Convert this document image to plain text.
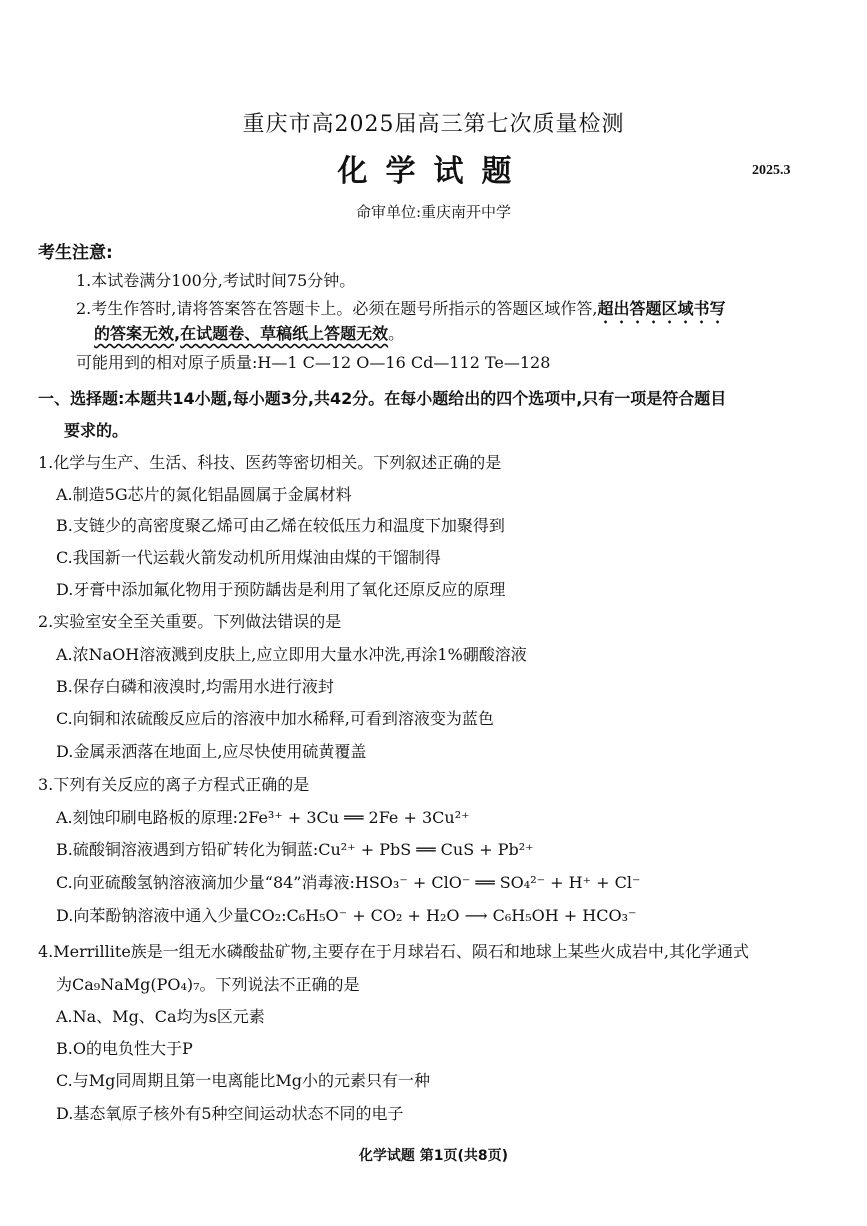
重庆市高2025届高三第七次质量检测
化学试题	2025.3
命审单位:重庆南开中学
考生注意:
1.本试卷满分100分,考试时间75分钟。
2.考生作答时,请将答案答在答题卡上。必须在题号所指示的答题区域作答,超出答题区域书写
的答案无效,在试题卷、草稿纸上答题无效。
可能用到的相对原子质量:H—1 C—12 O—16 Cd—112 Te—128
一、选择题:本题共14小题,每小题3分,共42分。在每小题给出的四个选项中,只有一项是符合题目
要求的。
1.化学与生产、生活、科技、医药等密切相关。下列叙述正确的是
A.制造5G芯片的氮化铝晶圆属于金属材料
B.支链少的高密度聚乙烯可由乙烯在较低压力和温度下加聚得到
C.我国新一代运载火箭发动机所用煤油由煤的干馏制得
D.牙膏中添加氟化物用于预防龋齿是利用了氧化还原反应的原理
2.实验室安全至关重要。下列做法错误的是
A.浓NaOH溶液溅到皮肤上,应立即用大量水冲洗,再涂1%硼酸溶液
B.保存白磷和液溴时,均需用水进行液封
C.向铜和浓硫酸反应后的溶液中加水稀释,可看到溶液变为蓝色
D.金属汞洒落在地面上,应尽快使用硫黄覆盖
3.下列有关反应的离子方程式正确的是
A.刻蚀印刷电路板的原理:2Fe³⁺ + 3Cu ══ 2Fe + 3Cu²⁺
B.硫酸铜溶液遇到方铅矿转化为铜蓝:Cu²⁺ + PbS ══ CuS + Pb²⁺
C.向亚硫酸氢钠溶液滴加少量“84”消毒液:HSO₃⁻ + ClO⁻ ══ SO₄²⁻ + H⁺ + Cl⁻
D.向苯酚钠溶液中通入少量CO₂:C₆H₅O⁻ + CO₂ + H₂O ⟶ C₆H₅OH + HCO₃⁻
4.Merrillite族是一组无水磷酸盐矿物,主要存在于月球岩石、陨石和地球上某些火成岩中,其化学通式
为Ca₉NaMg(PO₄)₇。下列说法不正确的是
A.Na、Mg、Ca均为s区元素
B.O的电负性大于P
C.与Mg同周期且第一电离能比Mg小的元素只有一种
D.基态氧原子核外有5种空间运动状态不同的电子
化学试题 第1页(共8页)
